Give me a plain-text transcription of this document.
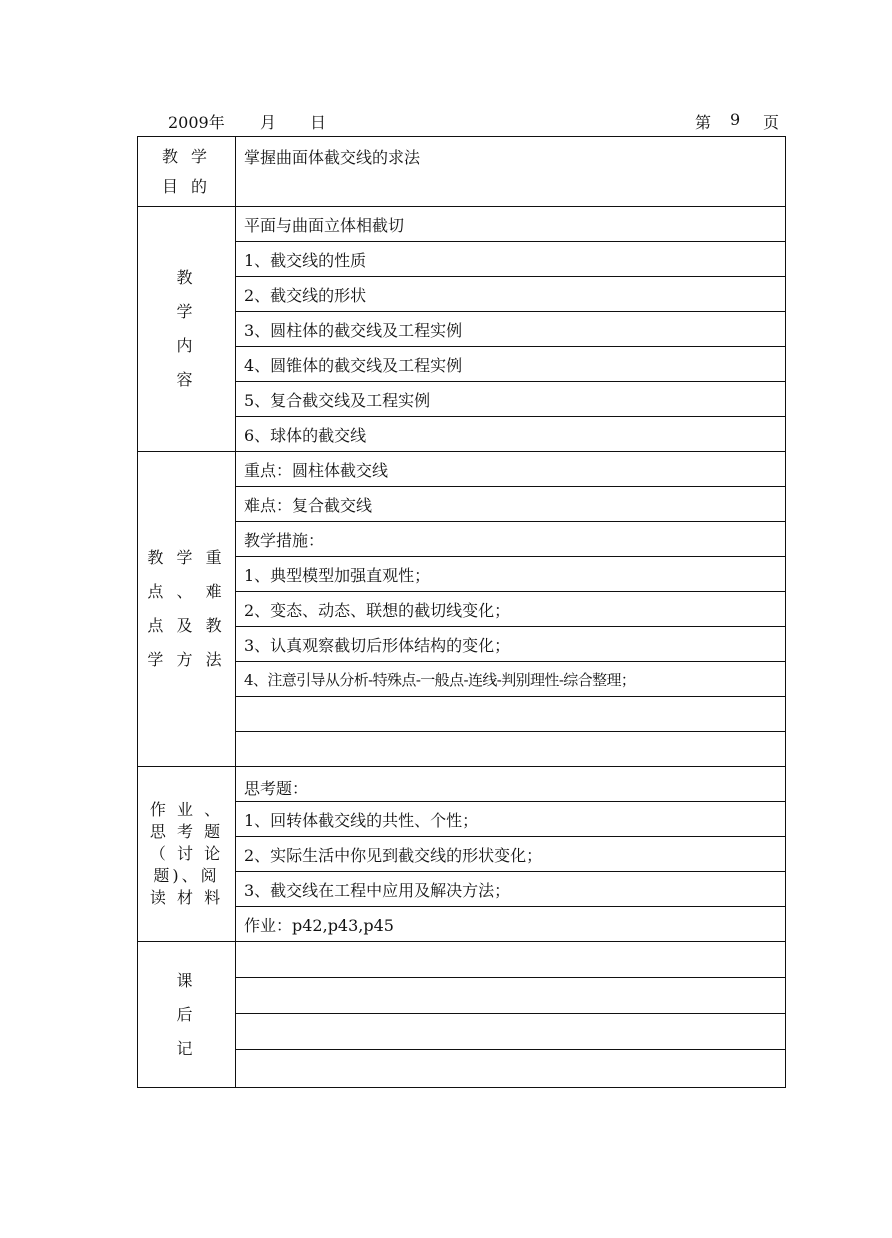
2009年 月 日	第 9 页
教 学
目 的	掌握曲面体截交线的求法

教
学
内
容	平面与曲面立体相截切
	1、截交线的性质
	2、截交线的形状
	3、圆柱体的截交线及工程实例
	4、圆锥体的截交线及工程实例
	5、复合截交线及工程实例
	6、球体的截交线

教 学 重
点 、 难
点 及 教
学 方 法	重点：圆柱体截交线
	难点：复合截交线
	教学措施：
	1、典型模型加强直观性；
	2、变态、动态、联想的截切线变化；
	3、认真观察截切后形体结构的变化；
	4、注意引导从分析-特殊点-一般点-连线-判别理性-综合整理；

作 业 、
思 考 题
（ 讨 论
题)、阅
读 材 料	思考题：
	1、回转体截交线的共性、个性；
	2、实际生活中你见到截交线的形状变化；
	3、截交线在工程中应用及解决方法；
	作业：p42,p43,p45

课
后
记	
